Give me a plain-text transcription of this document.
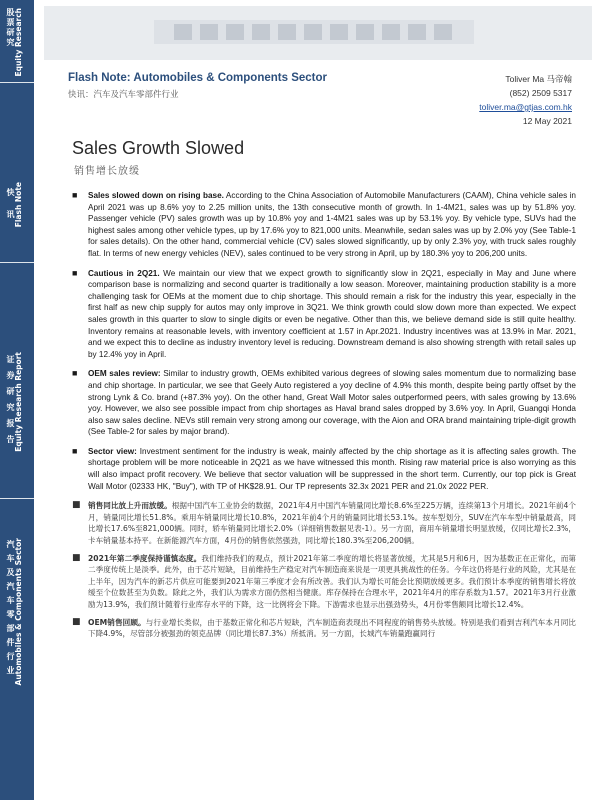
股票研究 Equity Research
快讯 Flash Note
证券研究报告 Equity Research Report
汽车及汽车零部件行业 Automobiles & Components Sector
Flash Note: Automobiles & Components Sector
快讯：汽车及汽车零部件行业
Toliver Ma 马帝翰
(852) 2509 5317
toliver.ma@gtjas.com.hk
12 May 2021
Sales Growth Slowed
销售增长放缓
■ Sales slowed down on rising base. According to the China Association of Automobile Manufacturers (CAAM), China vehicle sales in April 2021 was up 8.6% yoy to 2.25 million units, the 13th consecutive month of growth. In 1-4M21, sales was up by 51.8% yoy. Passenger vehicle (PV) sales growth was up by 10.8% yoy and 1-4M21 sales was up by 53.1% yoy. By vehicle type, SUVs had the highest sales among other vehicle types, up by 17.6% yoy to 821,000 units. Meanwhile, sedan sales was up by 2.0% yoy (See Table-1 for sales details). On the other hand, commercial vehicle (CV) sales slowed significantly, up by only 2.3% yoy, with truck sales roughly flat. In terms of new energy vehicles (NEV), sales continued to be very strong in April, up by 180.3% yoy to 206,200 units.
■ Cautious in 2Q21. We maintain our view that we expect growth to significantly slow in 2Q21, especially in May and June where comparison base is normalizing and second quarter is traditionally a low season. Moreover, maintaining production stability is a more challenging task for OEMs at the moment due to chip shortage. This should remain a risk for the industry this year, especially in the first half as new chip supply for autos may only improve in 3Q21. We think growth could slow down more than expected. We expect sales growth in this quarter to slow to single digits or even be negative. Other than this, we believe demand side is still quite healthy. Inventory remains at reasonable levels, with inventory coefficient at 1.57 in Apr.2021. Industry incentives was at 13.9% in Mar. 2021, and we expect this to decline as industry inventory level is reducing. Downstream demand is also showing strength with retail sales up by 12.4% yoy in April.
■ OEM sales review: Similar to industry growth, OEMs exhibited various degrees of slowing sales momentum due to normalizing base and chip shortage. In particular, we see that Geely Auto registered a yoy decline of 4.9% this month, despite being partly offset by the strong Lynk & Co. brand (+87.3% yoy). On the other hand, Great Wall Motor sales outperformed peers, with sales growing by 13.6% yoy. However, we also see possible impact from chip shortages as Haval brand sales dropped by 3.6% yoy. In April, Guangqi Honda also saw sales decline. NEVs still remain very strong among our coverage, with the Aion and ORA brand maintaining triple-digit growth (See Table-2 for sales by major brand).
■ Sector view: Investment sentiment for the industry is weak, mainly affected by the chip shortage as it is affecting sales growth. The shortage problem will be more noticeable in 2Q21 as we have witnessed this month. Rising raw material price is also worrying as this will also impact profit recovery. We believe that sector valuation will be suppressed in the short term. Currently, our top pick is Great Wall Motor (02333 HK, "Buy"), with TP of HK$28.91. Our TP represents 32.3x 2021 PER and 21.0x 2022 PER.
■ 销售同比放上升而放缓。根据中国汽车工业协会的数据，2021年4月中国汽车销量同比增长8.6%至225万辆，连续第13个月增长。2021年前4个月，销量同比增长51.8%。乘用车销量同比增长10.8%，2021年前4个月的销量同比增长53.1%。按车型划分，SUV在汽车车型中销量最高，同比增长17.6%至821,000辆。同时，轿车销量同比增长2.0%（详细销售数据见表-1）。另一方面，商用车销量增长明显放缓，仅同比增长2.3%，卡车销量基本持平。在新能源汽车方面，4月份的销售依然强劲，同比增长180.3%至206,200辆。
■ 2021年第二季度保持谨慎态度。我们维持我们的观点，预计2021年第二季度的增长将显著放缓，尤其是5月和6月，因为基数正在正常化，而第二季度传统上是淡季。此外，由于芯片短缺，目前维持生产稳定对汽车制造商来说是一项更具挑战性的任务。今年这仍将是行业的风险，尤其是在上半年，因为汽车的新芯片供应可能要到2021年第三季度才会有所改善。我们认为增长可能会比预期放缓更多。我们预计本季度的销售增长将放缓至个位数甚至为负数。除此之外，我们认为需求方面仍然相当健康。库存保持在合理水平，2021年4月的库存系数为1.57。2021年3月行业激励为13.9%，我们预计随着行业库存水平的下降，这一比例将会下降。下游需求也显示出强劲势头，4月份零售额同比增长12.4%。
■ OEM销售回顾。与行业增长类似，由于基数正常化和芯片短缺，汽车制造商表现出不同程度的销售势头放缓。特别是我们看到吉利汽车本月同比下降4.9%，尽管部分被强劲的领克品牌（同比增长87.3%）所抵消。另一方面，长城汽车销量跑赢同行
